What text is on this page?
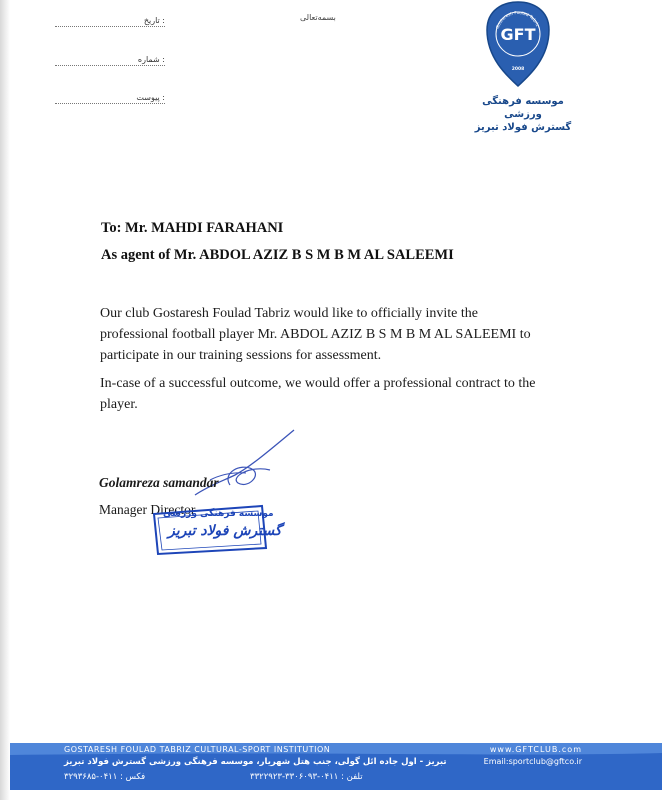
تاریخ :
شماره :
پیوست :
بسمه‌تعالی
Gostaresh Foulad Tabriz
GFT
2008
موسسه فرهنگی ورزشی
گسترش فولاد تبریز
To: Mr. MAHDI FARAHANI
As agent of Mr. ABDOL AZIZ B S M B M AL SALEEMI
Our club Gostaresh Foulad Tabriz would like to officially invite the professional football player Mr. ABDOL AZIZ B S M B M AL SALEEMI to participate in our training sessions for assessment.
In-case of a successful outcome, we would offer a professional contract to the player.
Golamreza samandar
Manager Director
موسسه فرهنگی ورزشی
گسترش فولاد تبریز
GOSTARESH FOULAD TABRIZ CULTURAL-SPORT INSTITUTION	www.GFTCLUB.com
تبریز - اول جاده ائل گولی، جنب هتل شهریار، موسسه فرهنگی ورزشی گسترش فولاد تبریز	Email:sportclub@gftco.ir
فکس : ۰۴۱۱-۳۲۹۳۶۸۵	تلفن : ۰۴۱۱-۳۳۰۶۰۹۳-۳۳۲۲۹۲۳
